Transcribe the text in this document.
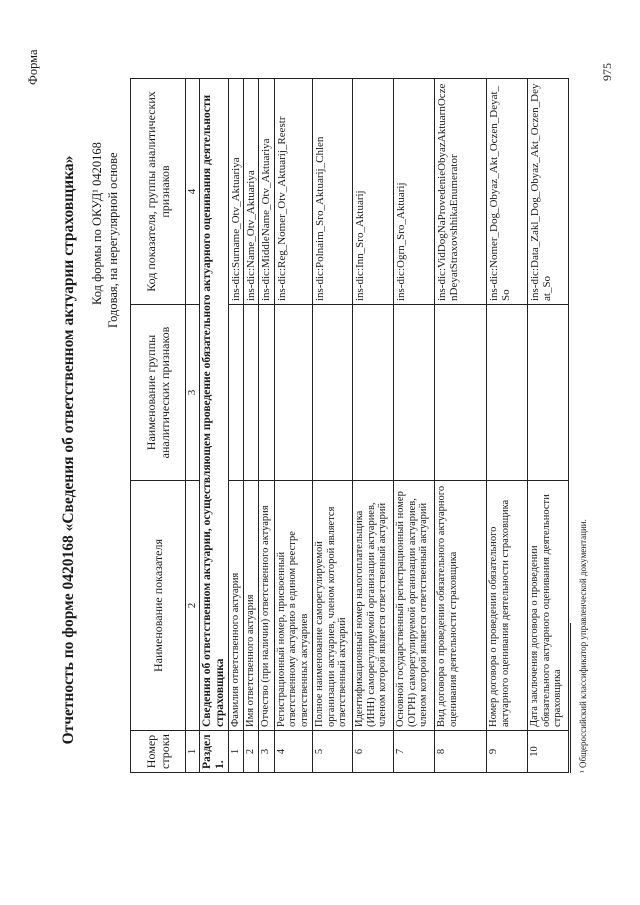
Форма
Отчетность по форме 0420168 «Сведения об ответственном актуарии страховщика» Код формы по ОКУД¹ 0420168 Годовая, на нерегулярной основе
Номер строки	Наименование показателя	Наименование группы аналитических признаков	Код показателя, группы аналитических признаков
1	2	3	4
Раздел 1.	Сведения об ответственном актуарии, осуществляющем проведение обязательного актуарного оценивания деятельности страховщика		
1	Фамилия ответственного актуария		ins-dic:Surname_Otv_Aktuariya
2	Имя ответственного актуария		ins-dic:Name_Otv_Aktuariya
3	Отчество (при наличии) ответственного актуария		ins-dic:MiddleName_Otv_Aktuariya
4	Регистрационный номер, присвоенный ответственному актуарию в едином реестре ответственных актуариев		ins-dic:Reg_Nomer_Otv_Aktuarij_Reestr
5	Полное наименование саморегулируемой организации актуариев, членом которой является ответственный актуарий		ins-dic:Polnaim_Sro_Aktuarij_Chlen
6	Идентификационный номер налогоплательщика (ИНН) саморегулируемой организации актуариев, членом которой является ответственный актуарий		ins-dic:Inn_Sro_Aktuarij
7	Основной государственный регистрационный номер (ОГРН) саморегулируемой организации актуариев, членом которой является ответственный актуарий		ins-dic:Ogrn_Sro_Aktuarij
8	Вид договора о проведении обязательного актуарного оценивания деятельности страховщика		ins-dic:VidDogNaProvedenieObyazAktuarnOczenDeyatStraxovshhikaEnumerator
9	Номер договора о проведении обязательного актуарного оценивания деятельности страховщика		ins-dic:Nomer_Dog_Obyaz_Akt_Oczen_Deyat_So
10	Дата заключения договора о проведении обязательного актуарного оценивания деятельности страховщика		ins-dic:Data_Zakl_Dog_Obyaz_Akt_Oczen_Deyat_So
¹ Общероссийский классификатор управленческой документации.
975
